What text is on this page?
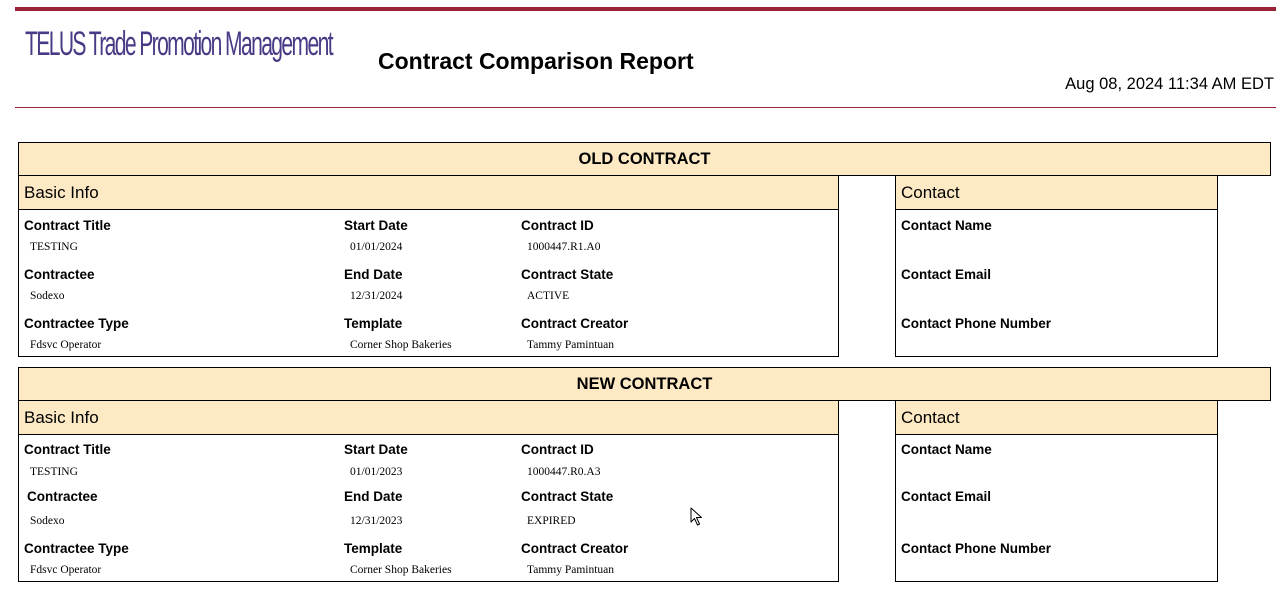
TELUS Trade Promotion Management Contract Comparison Report
Aug 08, 2024 11:34 AM EDT
OLD CONTRACT
Basic Info
Contract Title
TESTING
Start Date
01/01/2024
Contract ID
1000447.R1.A0
Contractee
Sodexo
End Date
12/31/2024
Contract State
ACTIVE
Contractee Type
Fdsvc Operator
Template
Corner Shop Bakeries
Contract Creator
Tammy Pamintuan
Contact
Contact Name
Contact Email
Contact Phone Number
NEW CONTRACT
Basic Info
Contract Title
TESTING
Start Date
01/01/2023
Contract ID
1000447.R0.A3
Contractee
Sodexo
End Date
12/31/2023
Contract State
EXPIRED
Contractee Type
Fdsvc Operator
Template
Corner Shop Bakeries
Contract Creator
Tammy Pamintuan
Contact
Contact Name
Contact Email
Contact Phone Number
